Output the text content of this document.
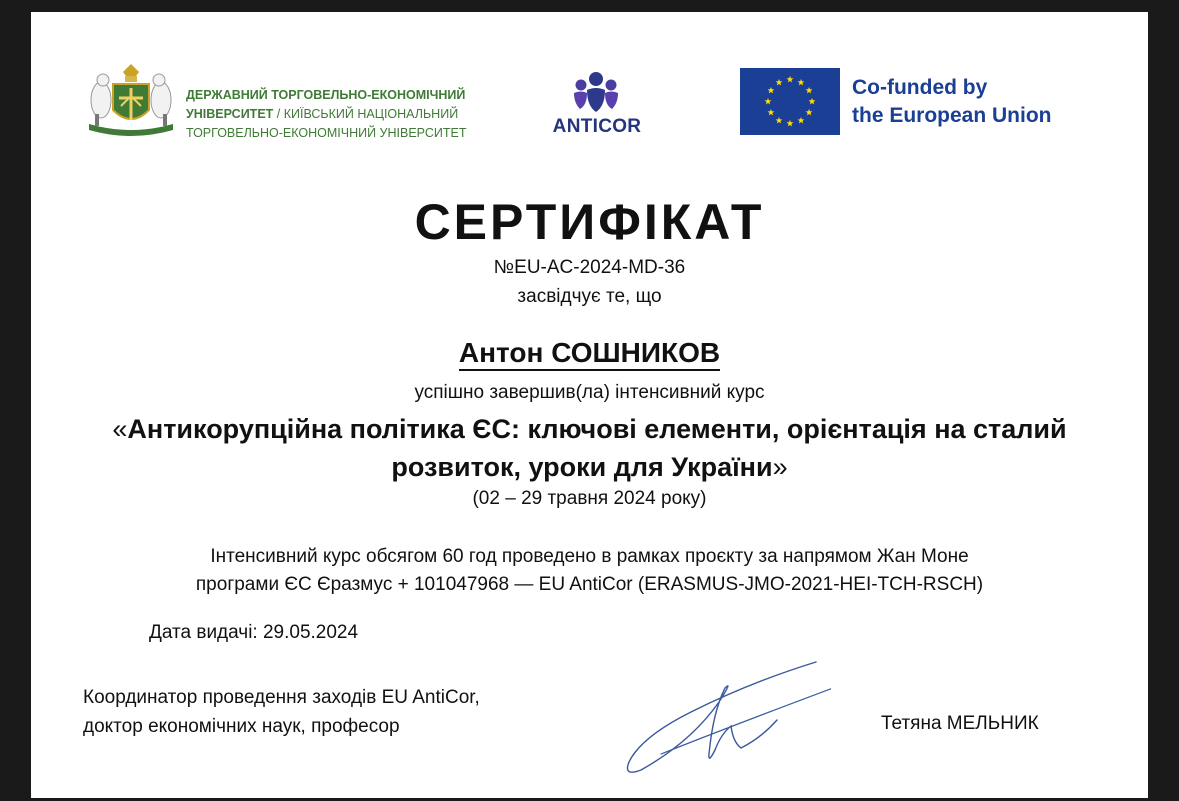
ДЕРЖАВНИЙ ТОРГОВЕЛЬНО-ЕКОНОМІЧНИЙ
УНІВЕРСИТЕТ / КИЇВСЬКИЙ НАЦІОНАЛЬНИЙ
ТОРГОВЕЛЬНО-ЕКОНОМІЧНИЙ УНІВЕРСИТЕТ	ANTICOR
Co-funded by
the European Union
СЕРТИФІКАТ
№EU-AC-2024-MD-36
засвідчує те, що
Антон СОШНИКОВ
успішно завершив(ла) інтенсивний курс
«Антикорупційна політика ЄС: ключові елементи, орієнтація на сталий
розвиток, уроки для України»
(02 – 29 травня 2024 року)
Інтенсивний курс обсягом 60 год проведено в рамках проєкту за напрямом Жан Моне
програми ЄС Єразмус + 101047968 — EU AntiCor (ERASMUS-JMO-2021-HEI-TCH-RSCH)
Дата видачі: 29.05.2024
Координатор проведення заходів EU AntiCor,
доктор економічних наук, професор	Тетяна МЕЛЬНИК
